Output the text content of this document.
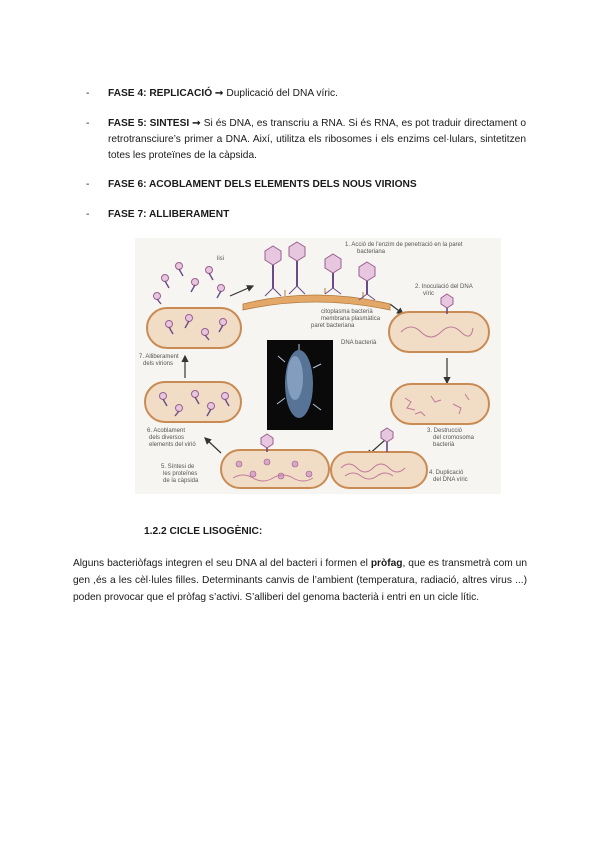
-	FASE 4: REPLICACIÓ ➞ Duplicació del DNA víric.
-	FASE 5: SINTESI ➞ Si és DNA, es transcriu a RNA. Si és RNA, es pot traduir directament o retrotransciure’s primer a DNA. Així, utilitza els ribosomes i els enzims cel·lulars, sintetitzen totes les proteïnes de la càpsida.
-	FASE 6: ACOBLAMENT DELS ELEMENTS DELS NOUS VIRIONS
-	FASE 7: ALLIBERAMENT
lisi
1. Acció de l'enzim de penetració en la paret
bacteriana
citoplasma bacterià
membrana plasmàtica
paret bacteriana
2. Inoculació del DNA
víric
DNA bacterià
7. Alliberament
dels virions
3. Destrucció
del cromosoma
bacterià
4. Duplicació
del DNA víric
5. Síntesi de
les proteïnes
de la càpsida
6. Acoblament
dels diversos
elements del virió
1.2.2 CICLE LISOGÈNIC:
Alguns bacteriòfags integren el seu DNA al del bacteri i formen el pròfag, que es transmetrà com un gen ,és a les cèl·lules filles. Determinants canvis de l’ambient (temperatura, radiació, altres virus ...) poden provocar que el pròfag s’activi. S’alliberi del genoma bacterià i entri en un cicle lític.
